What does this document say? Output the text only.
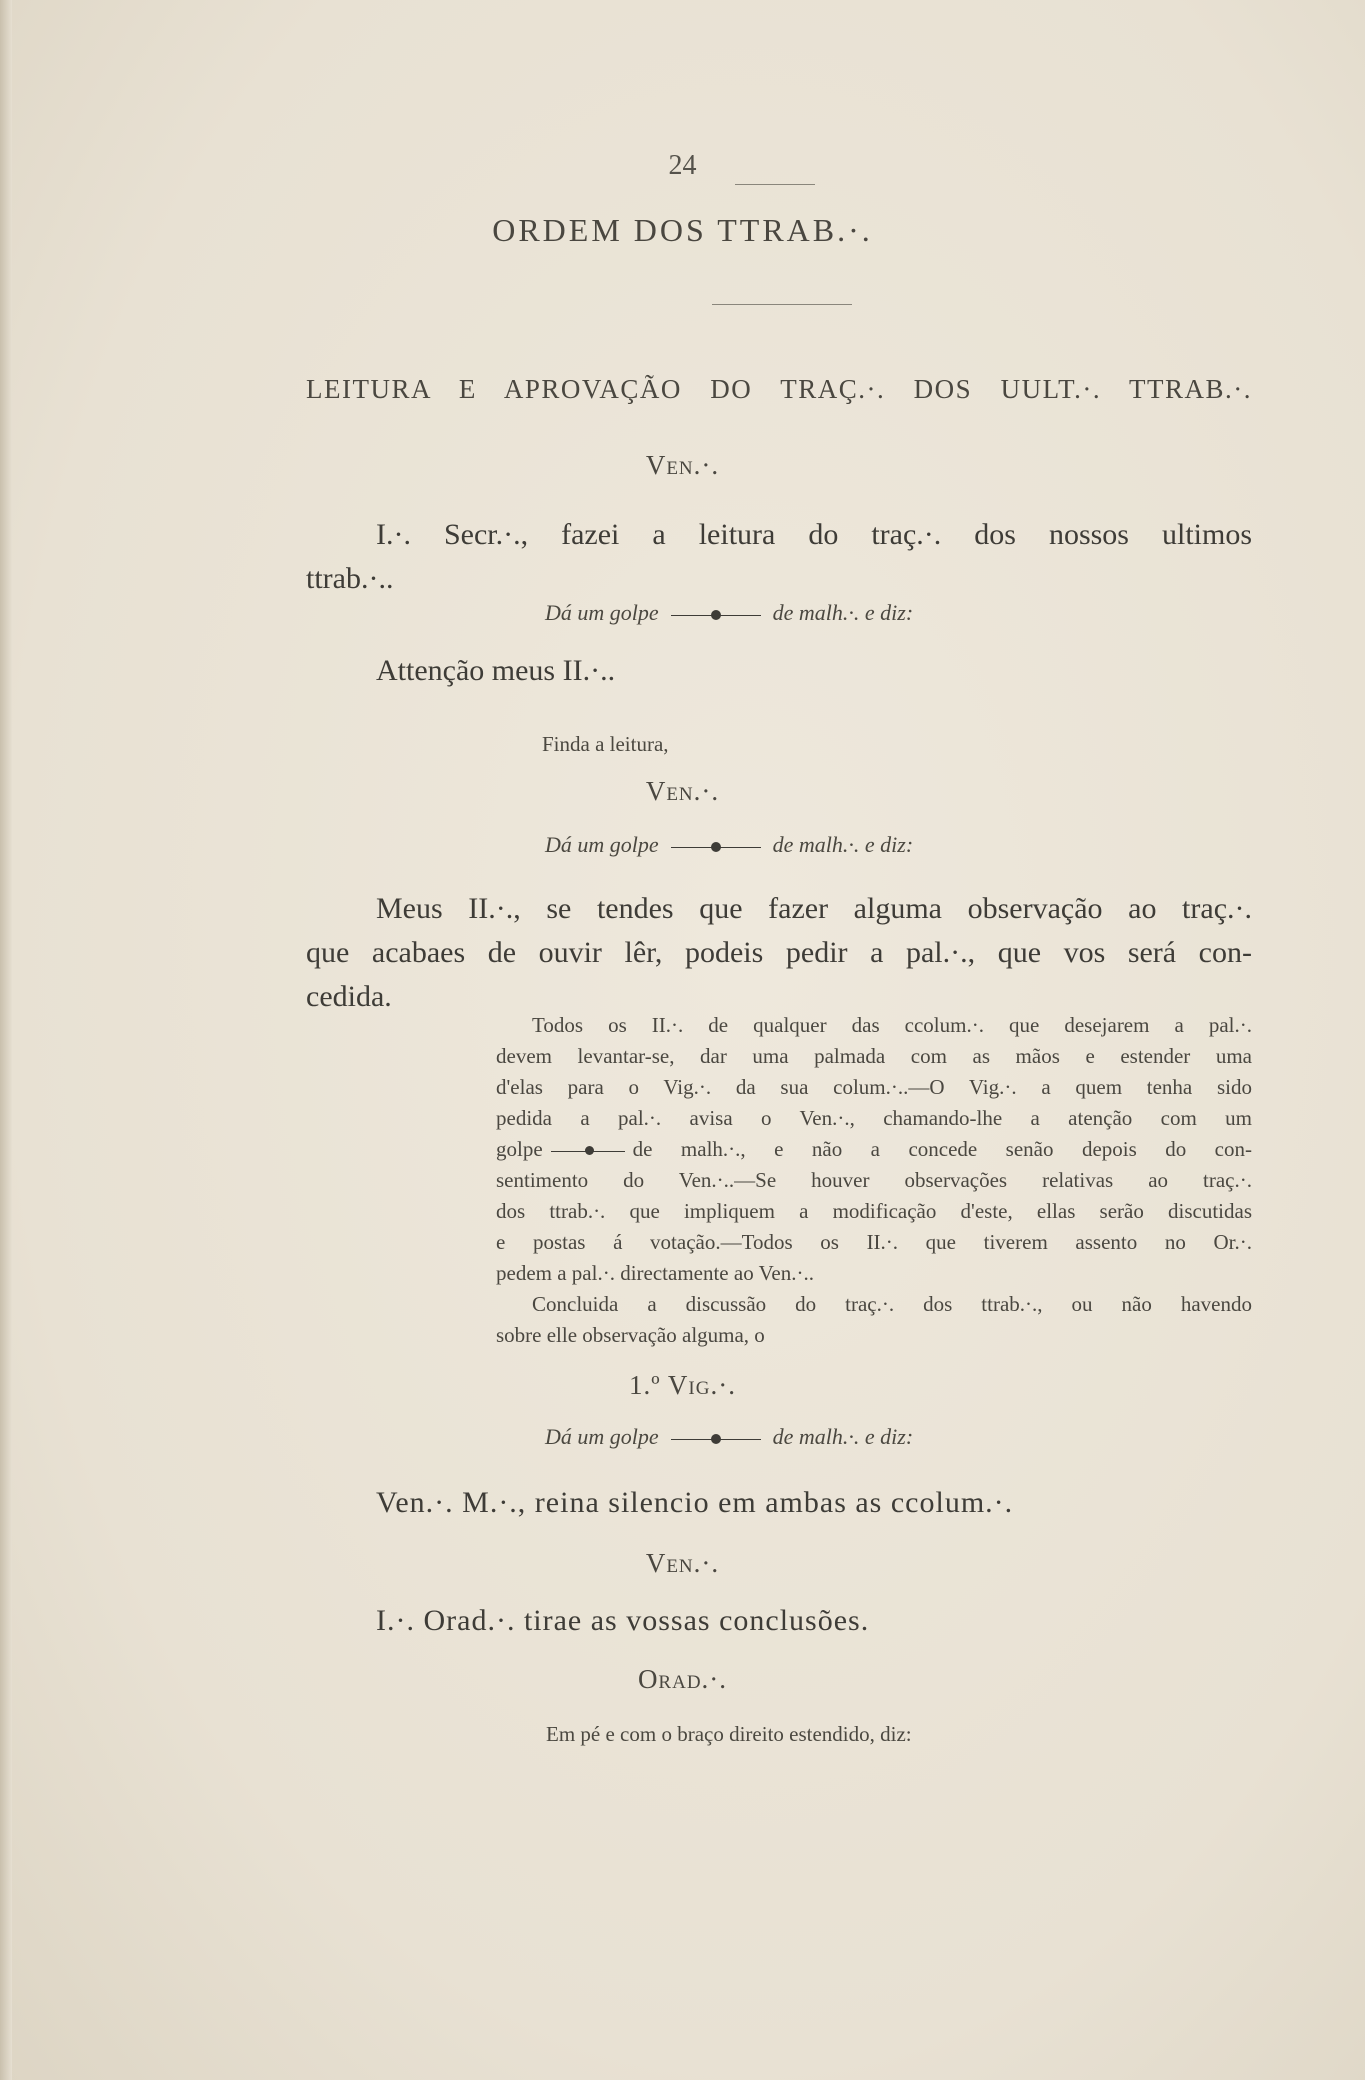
24
ORDEM DOS TTRAB.·.
LEITURA E APROVAÇÃO DO TRAÇ.·. DOS UULT.·. TTRAB.·.
Ven.·.
I.·. Secr.·., fazei a leitura do traç.·. dos nossos ultimos
ttrab.·..
Dá um golpe	de malh.·. e diz:
Attenção meus II.·..
Finda a leitura,
Ven.·.
Dá um golpe	de malh.·. e diz:
Meus II.·., se tendes que fazer alguma observação ao traç.·.
que acabaes de ouvir lêr, podeis pedir a pal.·., que vos será con-
cedida.

Todos os II.·. de qualquer das ccolum.·. que desejarem a pal.·.

devem levantar-se, dar uma palmada com as mãos e estender uma

d'elas para o Vig.·. da sua colum.·..—O Vig.·. a quem tenha sido

pedida a pal.·. avisa o Ven.·., chamando-lhe a atenção com um

golpe	de malh.·., e não a concede senão depois do con-

sentimento do Ven.·..—Se houver observações relativas ao traç.·.

dos ttrab.·. que impliquem a modificação d'este, ellas serão discutidas

e postas á votação.—Todos os II.·. que tiverem assento no Or.·.

pedem a pal.·. directamente ao Ven.·..

Concluida a discussão do traç.·. dos ttrab.·., ou não havendo

sobre elle observação alguma, o

1.º Vig.·.
Dá um golpe	de malh.·. e diz:
Ven.·. M.·., reina silencio em ambas as ccolum.·.
Ven.·.
I.·. Orad.·. tirae as vossas conclusões.
Orad.·.
Em pé e com o braço direito estendido, diz:
